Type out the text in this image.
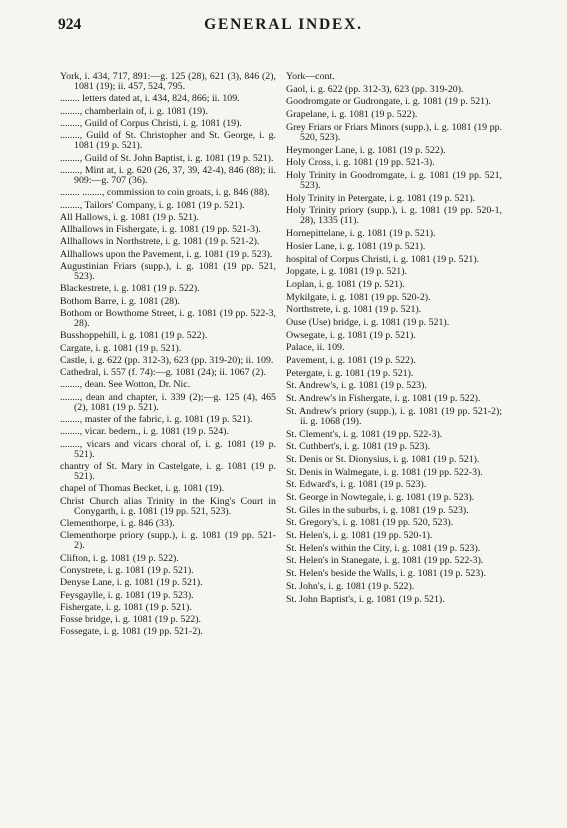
924	GENERAL INDEX.

York, i. 434, 717, 891:—g. 125 (28), 621 (3), 846 (2), 1081 (19); ii. 457, 524, 795.

........ letters dated at, i. 434, 824, 866; ii. 109.

........, chamberlain of, i. g. 1081 (19).

........, Guild of Corpus Christi, i. g. 1081 (19).

........, Guild of St. Christopher and St. George, i. g. 1081 (19 p. 521).

........, Guild of St. John Baptist, i. g. 1081 (19 p. 521).

........, Mint at, i. g. 620 (26, 37, 39, 42-4), 846 (88); ii. 909:—g. 707 (36).

........ ........, commission to coin groats, i. g. 846 (88).

........, Tailors' Company, i. g. 1081 (19 p. 521).

All Hallows, i. g. 1081 (19 p. 521).

Allhallows in Fishergate, i. g. 1081 (19 pp. 521-3).

Allhallows in Northstrete, i. g. 1081 (19 p. 521-2).

Allhallows upon the Pavement, i. g. 1081 (19 p. 523).

Augustinian Friars (supp.), i. g. 1081 (19 pp. 521, 523).

Blackestrete, i. g. 1081 (19 p. 522).

Bothom Barre, i. g. 1081 (28).

Bothom or Bowthome Street, i. g. 1081 (19 pp. 522-3, 28).

Busshoppehill, i. g. 1081 (19 p. 522).

Cargate, i. g. 1081 (19 p. 521).

Castle, i. g. 622 (pp. 312-3), 623 (pp. 319-20); ii. 109.

Cathedral, i. 557 (f. 74):—g. 1081 (24); ii. 1067 (2).

........, dean. See Wotton, Dr. Nic.

........, dean and chapter, i. 339 (2);—g. 125 (4), 465 (2), 1081 (19 p. 521).

........, master of the fabric, i. g. 1081 (19 p. 521).

........, vicar. bedern., i. g. 1081 (19 p. 524).

........, vicars and vicars choral of, i. g. 1081 (19 p. 521).

chantry of St. Mary in Castelgate, i. g. 1081 (19 p. 521).

chapel of Thomas Becket, i. g. 1081 (19).

Christ Church alias Trinity in the King's Court in Conygarth, i. g. 1081 (19 pp. 521, 523).

Clementhorpe, i. g. 846 (33).

Clementhorpe priory (supp.), i. g. 1081 (19 pp. 521-2).

Clifton, i. g. 1081 (19 p. 522).

Conystrete, i. g. 1081 (19 p. 521).

Denyse Lane, i. g. 1081 (19 p. 521).

Feysgaylle, i. g. 1081 (19 p. 523).

Fishergate, i. g. 1081 (19 p. 521).

Fosse bridge, i. g. 1081 (19 p. 522).

Fossegate, i. g. 1081 (19 pp. 521-2).

York—cont.

Gaol, i. g. 622 (pp. 312-3), 623 (pp. 319-20).

Goodromgate or Gudrongate, i. g. 1081 (19 p. 521).

Grapelane, i. g. 1081 (19 p. 522).

Grey Friars or Friars Minors (supp.), i. g. 1081 (19 pp. 520, 523).

Heymonger Lane, i. g. 1081 (19 p. 522).

Holy Cross, i. g. 1081 (19 pp. 521-3).

Holy Trinity in Goodromgate, i. g. 1081 (19 pp. 521, 523).

Holy Trinity in Petergate, i. g. 1081 (19 p. 521).

Holy Trinity priory (supp.), i. g. 1081 (19 pp. 520-1, 28), 1335 (11).

Hornepittelane, i. g. 1081 (19 p. 521).

Hosier Lane, i. g. 1081 (19 p. 521).

hospital of Corpus Christi, i. g. 1081 (19 p. 521).

Jopgate, i. g. 1081 (19 p. 521).

Loplan, i. g. 1081 (19 p. 521).

Mykilgate, i. g. 1081 (19 pp. 520-2).

Northstrete, i. g. 1081 (19 p. 521).

Ouse (Use) bridge, i. g. 1081 (19 p. 521).

Owsegate, i. g. 1081 (19 p. 521).

Palace, ii. 109.

Pavement, i. g. 1081 (19 p. 522).

Petergate, i. g. 1081 (19 p. 521).

St. Andrew's, i. g. 1081 (19 p. 523).

St. Andrew's in Fishergate, i. g. 1081 (19 p. 522).

St. Andrew's priory (supp.), i. g. 1081 (19 pp. 521-2); ii. g. 1068 (19).

St. Clement's, i. g. 1081 (19 pp. 522-3).

St. Cuthbert's, i. g. 1081 (19 p. 523).

St. Denis or St. Dionysius, i. g. 1081 (19 p. 521).

St. Denis in Walmegate, i. g. 1081 (19 pp. 522-3).

St. Edward's, i. g. 1081 (19 p. 523).

St. George in Nowtegale, i. g. 1081 (19 p. 523).

St. Giles in the suburbs, i. g. 1081 (19 p. 523).

St. Gregory's, i. g. 1081 (19 pp. 520, 523).

St. Helen's, i. g. 1081 (19 pp. 520-1).

St. Helen's within the City, i. g. 1081 (19 p. 523).

St. Helen's in Stanegate, i. g. 1081 (19 pp. 522-3).

St. Helen's beside the Walls, i. g. 1081 (19 p. 523).

St. John's, i. g. 1081 (19 p. 522).

St. John Baptist's, i. g. 1081 (19 p. 521).
